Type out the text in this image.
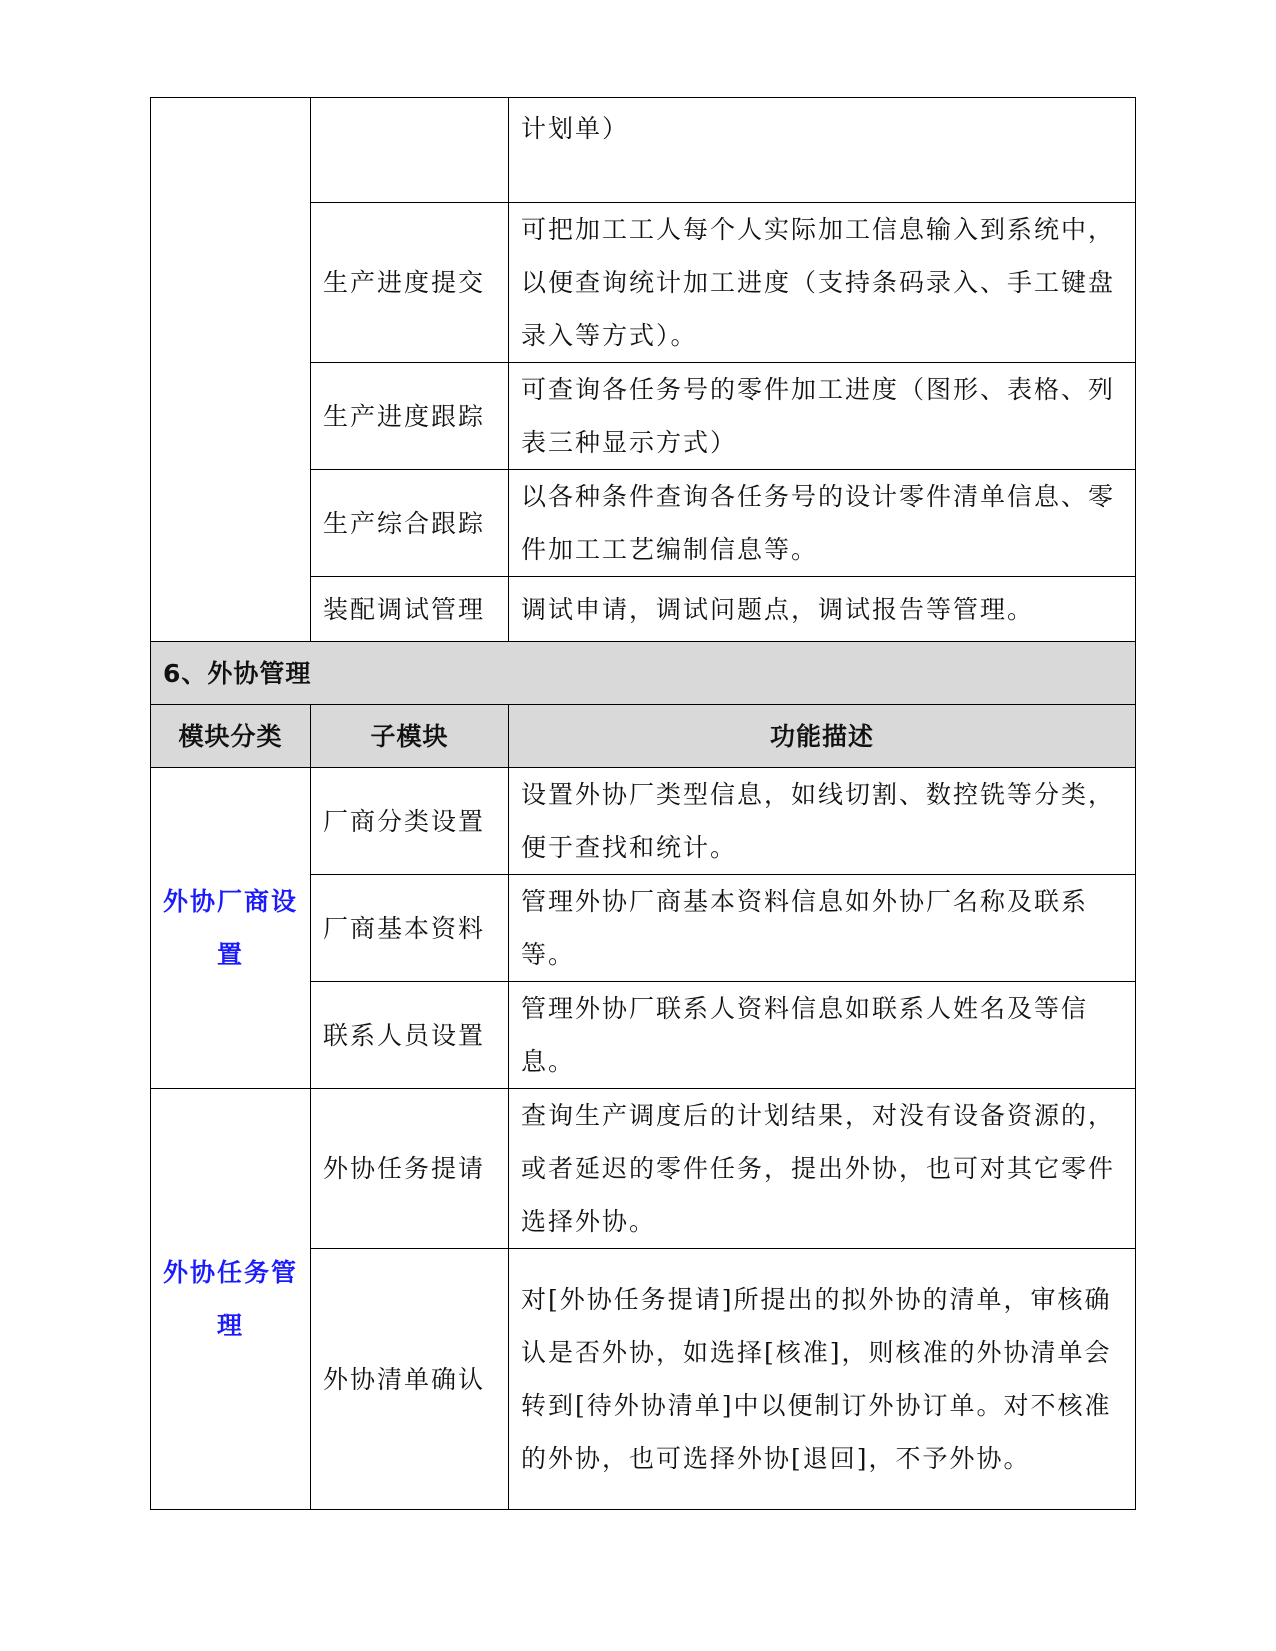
		计划单）
	生产进度提交	可把加工工人每个人实际加工信息输入到系统中，以便查询统计加工进度（支持条码录入、手工键盘录入等方式）。
	生产进度跟踪	可查询各任务号的零件加工进度（图形、表格、列表三种显示方式）
	生产综合跟踪	以各种条件查询各任务号的设计零件清单信息、零件加工工艺编制信息等。
	装配调试管理	调试申请，调试问题点，调试报告等管理。
6、外协管理		
模块分类	子模块	功能描述
外协厂商设置	厂商分类设置	设置外协厂类型信息，如线切割、数控铣等分类，便于查找和统计。
	厂商基本资料	管理外协厂商基本资料信息如外协厂名称及联系　　等。
	联系人员设置	管理外协厂联系人资料信息如联系人姓名及等信息。
外协任务管理	外协任务提请	查询生产调度后的计划结果，对没有设备资源的，或者延迟的零件任务，提出外协，也可对其它零件选择外协。
	外协清单确认	对[外协任务提请]所提出的拟外协的清单，审核确认是否外协，如选择[核准]，则核准的外协清单会转到[待外协清单]中以便制订外协订单。对不核准的外协，也可选择外协[退回]，不予外协。
